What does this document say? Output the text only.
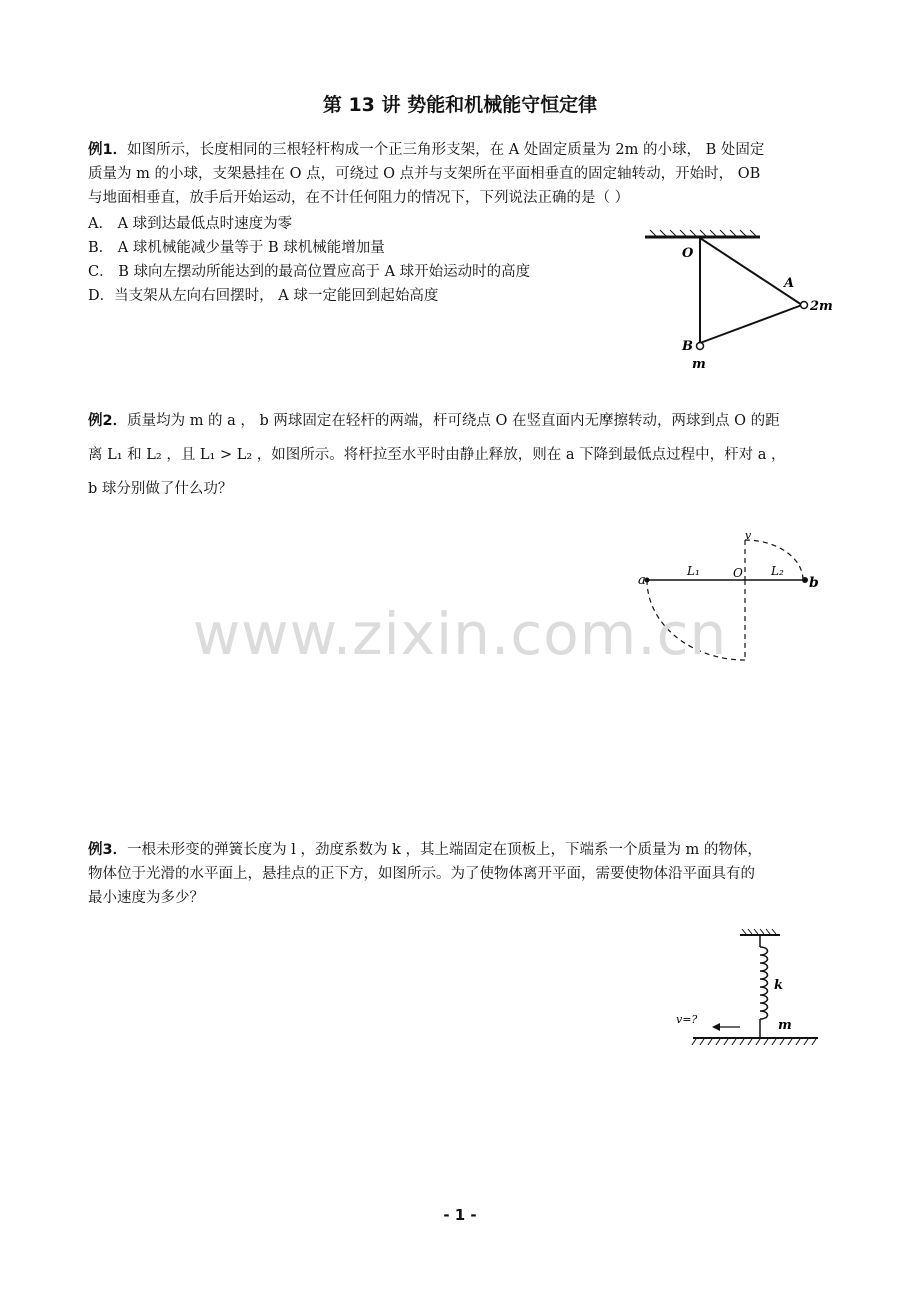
第 13 讲 势能和机械能守恒定律
例1．如图所示，长度相同的三根轻杆构成一个正三角形支架，在 A 处固定质量为 2m 的小球， B 处固定
质量为 m 的小球，支架悬挂在 O 点，可绕过 O 点并与支架所在平面相垂直的固定轴转动，开始时， OB
与地面相垂直，放手后开始运动，在不计任何阻力的情况下，下列说法正确的是（ ）
A． A 球到达最低点时速度为零
B． A 球机械能减少量等于 B 球机械能增加量
C． B 球向左摆动所能达到的最高位置应高于 A 球开始运动时的高度
D．当支架从左向右回摆时， A 球一定能回到起始高度
O
A
2m
B
m
例2．质量均为 m 的 a ， b 两球固定在轻杆的两端，杆可绕点 O 在竖直面内无摩擦转动，两球到点 O 的距
离 L₁ 和 L₂ ，且 L₁ > L₂ ，如图所示。将杆拉至水平时由静止释放，则在 a 下降到最低点过程中，杆对 a ，
b 球分别做了什么功？
a	b
O
L₁	L₂
v
www.zixin.com.cn
例3．一根未形变的弹簧长度为 l ，劲度系数为 k ，其上端固定在顶板上，下端系一个质量为 m 的物体，
物体位于光滑的水平面上，悬挂点的正下方，如图所示。为了使物体离开平面，需要使物体沿平面具有的
最小速度为多少？
k
m
v=?
- 1 -
